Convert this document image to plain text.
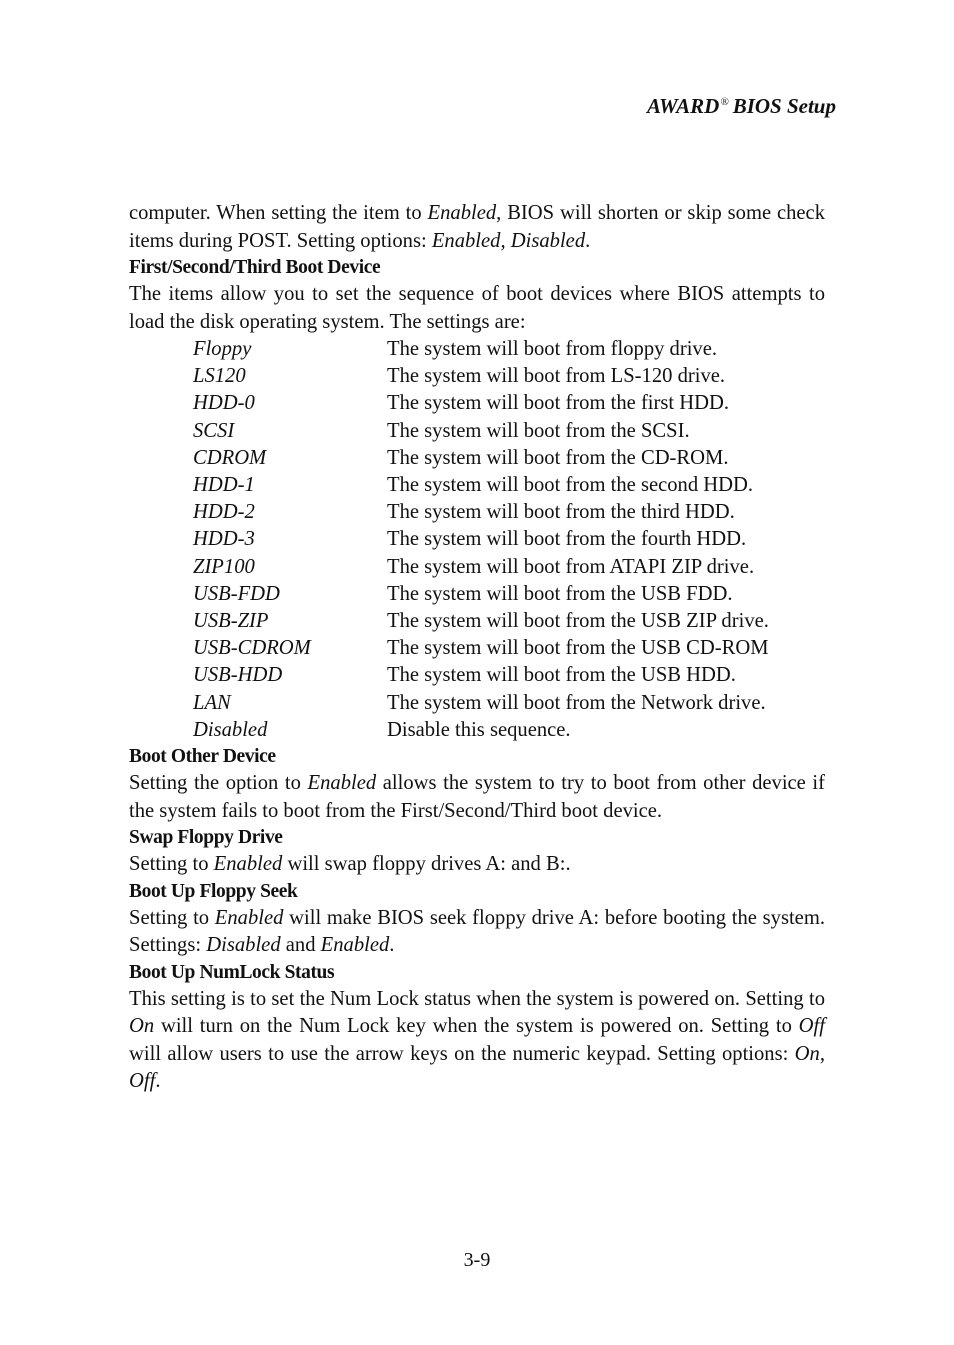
AWARD® BIOS Setup

computer. When setting the item to Enabled, BIOS will shorten or skip some check items during POST. Setting options: Enabled, Disabled.

First/Second/Third Boot Device

The items allow you to set the sequence of boot devices where BIOS attempts to load the disk operating system. The settings are:

Floppy	The system will boot from floppy drive.
LS120	The system will boot from LS-120 drive.
HDD-0	The system will boot from the first HDD.
SCSI	The system will boot from the SCSI.
CDROM	The system will boot from the CD-ROM.
HDD-1	The system will boot from the second HDD.
HDD-2	The system will boot from the third HDD.
HDD-3	The system will boot from the fourth HDD.
ZIP100	The system will boot from ATAPI ZIP drive.
USB-FDD	The system will boot from the USB FDD.
USB-ZIP	The system will boot from the USB ZIP drive.
USB-CDROM	The system will boot from the USB CD-ROM
USB-HDD	The system will boot from the USB HDD.
LAN	The system will boot from the Network drive.
Disabled	Disable this sequence.
Boot Other Device

Setting the option to Enabled allows the system to try to boot from other device if the system fails to boot from the First/Second/Third boot device.

Swap Floppy Drive

Setting to Enabled will swap floppy drives A: and B:.

Boot Up Floppy Seek

Setting to Enabled will make BIOS seek floppy drive A: before booting the system. Settings: Disabled and Enabled.

Boot Up NumLock Status

This setting is to set the Num Lock status when the system is powered on. Setting to On will turn on the Num Lock key when the system is powered on. Setting to Off will allow users to use the arrow keys on the numeric keypad. Setting options: On, Off.

3-9
